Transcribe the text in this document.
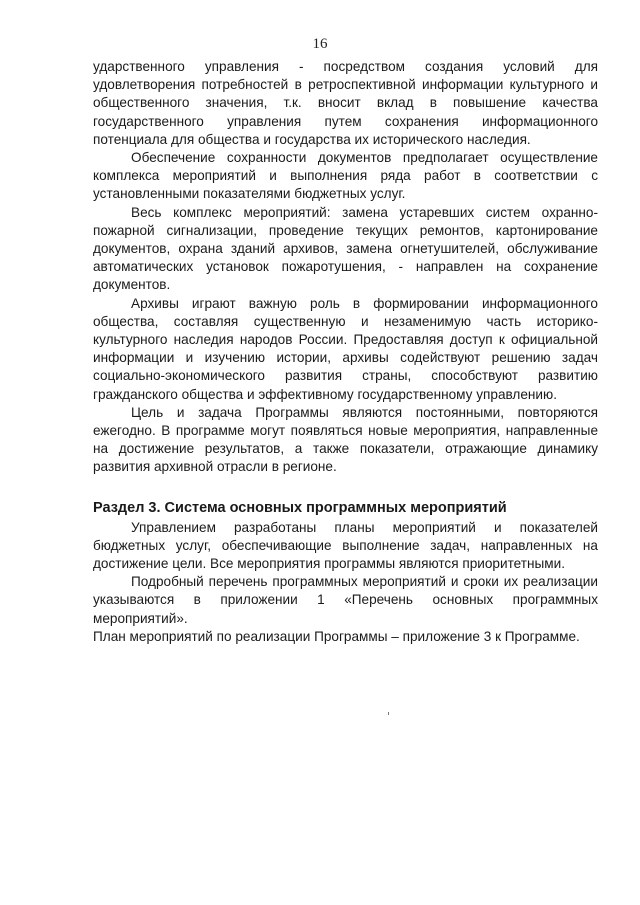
16

ударственного управления - посредством создания условий для удовлетворения потребностей в ретроспективной информации культурного и общественного значения, т.к. вносит вклад в повышение качества государственного управления путем сохранения информационного потенциала для общества и государства их исторического наследия.

Обеспечение сохранности документов предполагает осуществление комплекса мероприятий и выполнения ряда работ в соответствии с установленными показателями бюджетных услуг.

Весь комплекс мероприятий: замена устаревших систем охранно-пожарной сигнализации, проведение текущих ремонтов, картонирование документов, охрана зданий архивов, замена огнетушителей, обслуживание автоматических установок пожаротушения, - направлен на сохранение документов.

Архивы играют важную роль в формировании информационного общества, составляя существенную и незаменимую часть историко-культурного наследия народов России. Предоставляя доступ к официальной информации и изучению истории, архивы содействуют решению задач социально-экономического развития страны, способствуют развитию гражданского общества и эффективному государственному управлению.

Цель и задача Программы являются постоянными, повторяются ежегодно. В программе могут появляться новые мероприятия, направленные на достижение результатов, а также показатели, отражающие динамику развития архивной отрасли в регионе.

Раздел 3. Система основных программных мероприятий

Управлением разработаны планы мероприятий и показателей бюджетных услуг, обеспечивающие выполнение задач, направленных на достижение цели. Все мероприятия программы являются приоритетными.

Подробный перечень программных мероприятий и сроки их реализации указываются в приложении 1 «Перечень основных программных мероприятий».

План мероприятий по реализации Программы – приложение 3 к Программе.
